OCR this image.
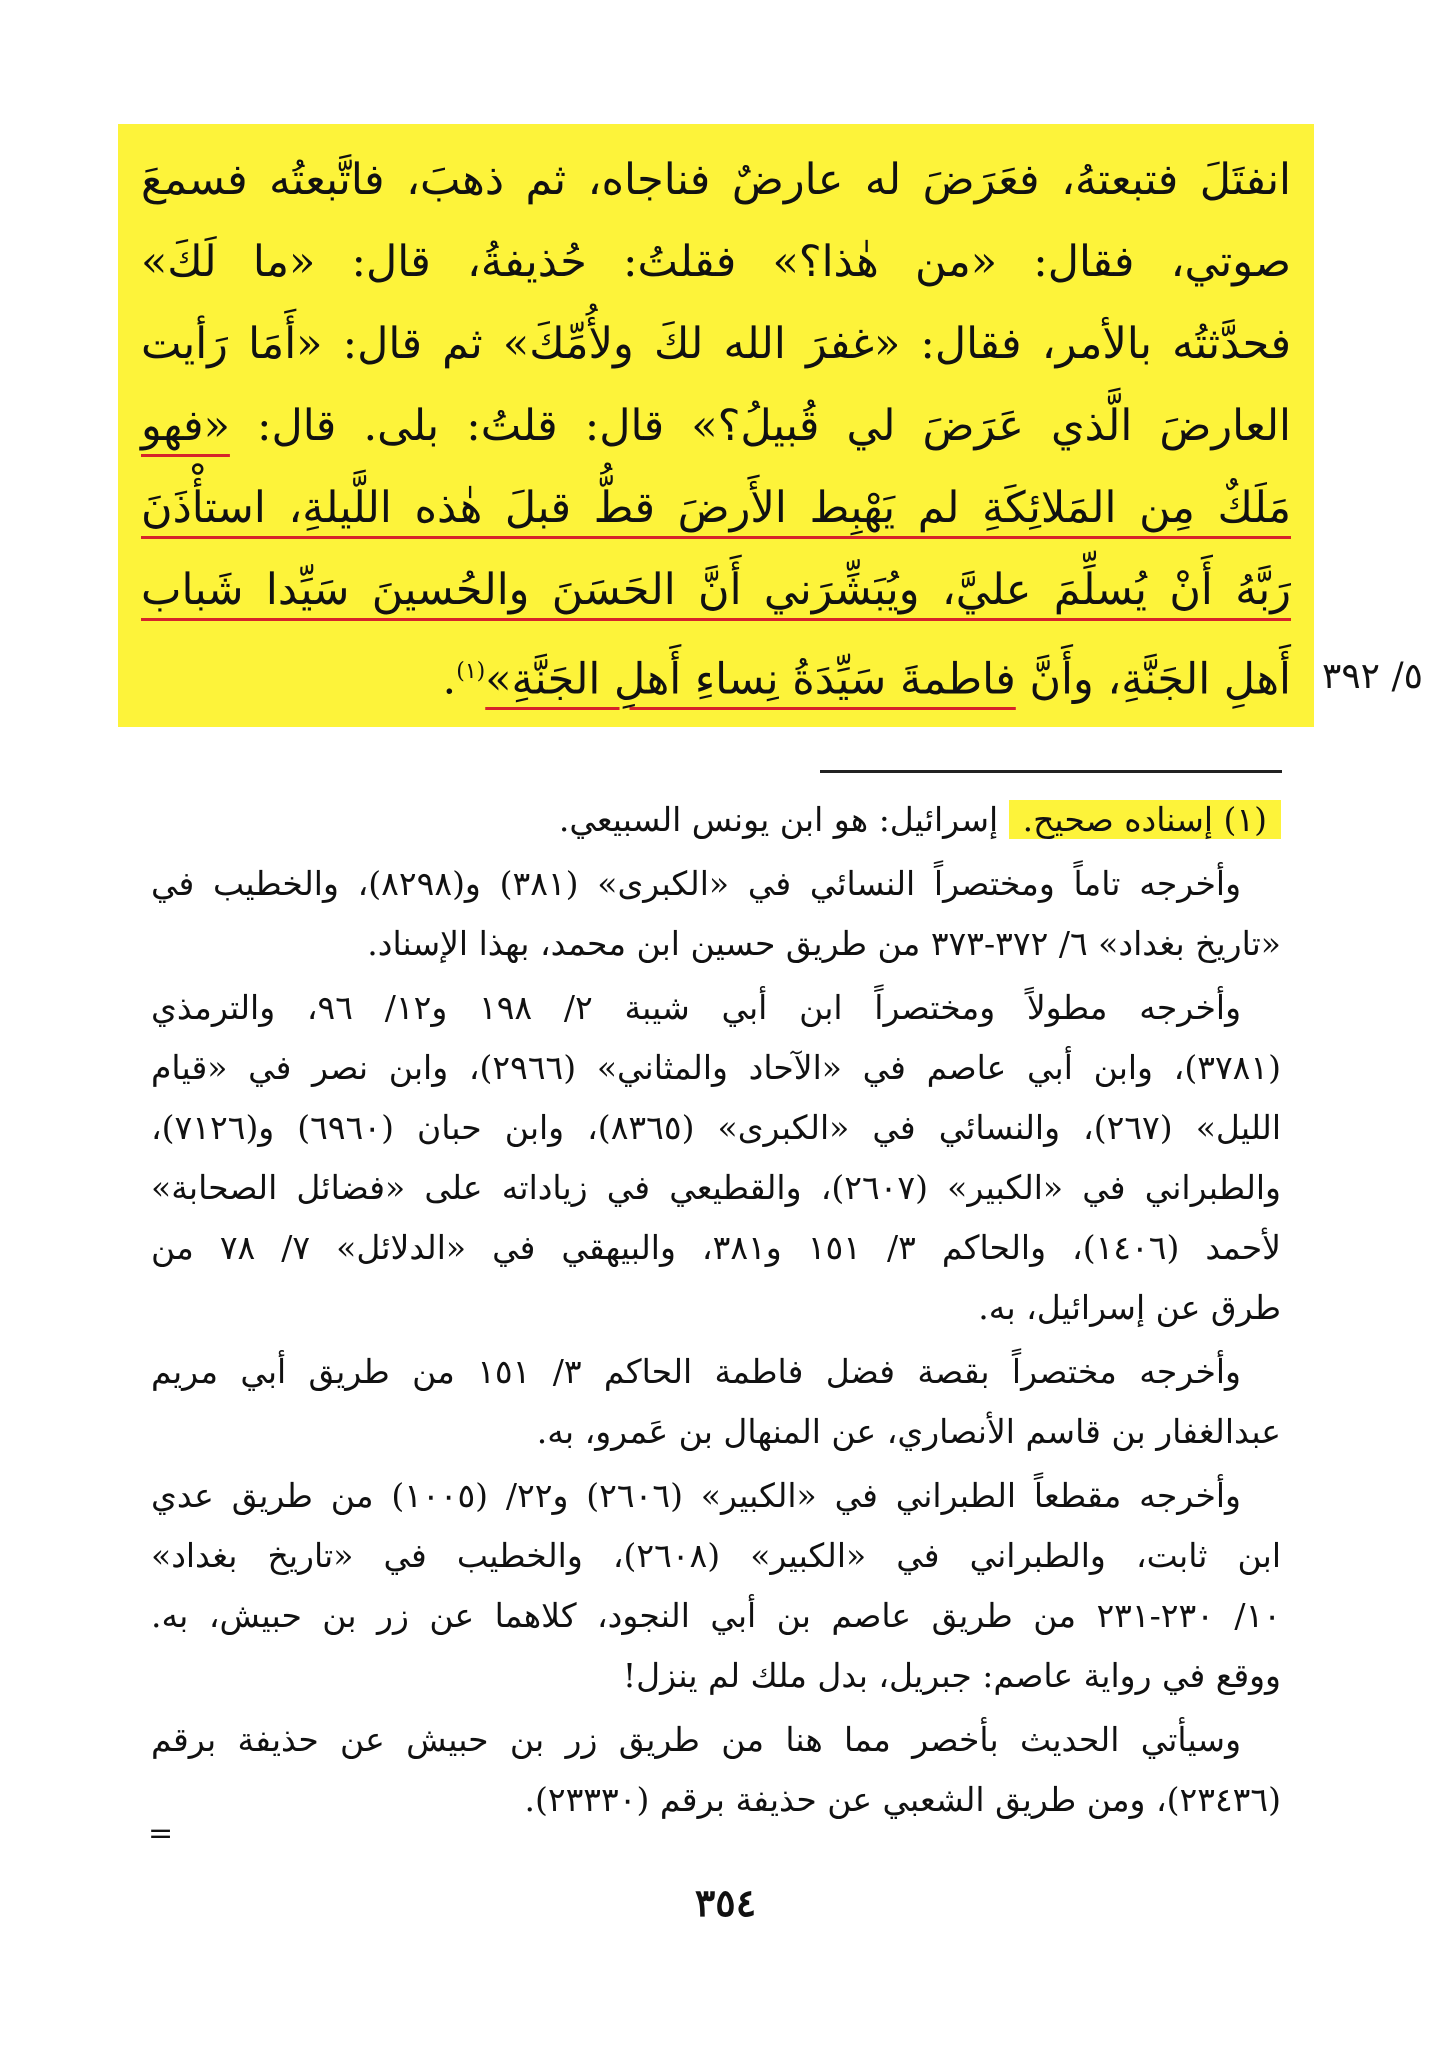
انفتَلَ فتبعتهُ، فعَرَضَ له عارضٌ فناجاه، ثم ذهبَ، فاتَّبعتُه فسمعَ
صوتي، فقال: «من هٰذا؟» فقلتُ: حُذيفةُ، قال: «ما لَكَ»
فحدَّثتُه بالأمر، فقال: «غفرَ الله لكَ ولأُمِّكَ» ثم قال: «أَمَا رَأيت
العارضَ الَّذي عَرَضَ لي قُبيلُ؟» قال: قلتُ: بلى. قال: «فهو
مَلَكٌ مِن المَلائِكَةِ لم يَهْبِط الأَرضَ قطُّ قبلَ هٰذه اللَّيلةِ، استأْذَنَ
رَبَّهُ أَنْ يُسلِّمَ عليَّ، ويُبَشِّرَني أَنَّ الحَسَنَ والحُسينَ سَيِّدا شَباب
أَهلِ الجَنَّةِ، وأَنَّ فاطمةَ سَيِّدَةُ نِساءِ أَهلِ الجَنَّةِ»$^{(١)}$.	٥/ ٣٩٢
(١) إسناده صحيح. إسرائيل: هو ابن يونس السبيعي.
وأخرجه تاماً ومختصراً النسائي في «الكبرى» (٣٨١) و(٨٢٩٨)، والخطيب في
«تاريخ بغداد» ٦/ ٣٧٢-٣٧٣ من طريق حسين ابن محمد، بهذا الإسناد.
وأخرجه مطولاً ومختصراً ابن أبي شيبة ٢/ ١٩٨ و١٢/ ٩٦، والترمذي
(٣٧٨١)، وابن أبي عاصم في «الآحاد والمثاني» (٢٩٦٦)، وابن نصر في «قيام
الليل» (٢٦٧)، والنسائي في «الكبرى» (٨٣٦٥)، وابن حبان (٦٩٦٠) و(٧١٢٦)،
والطبراني في «الكبير» (٢٦٠٧)، والقطيعي في زياداته على «فضائل الصحابة»
لأحمد (١٤٠٦)، والحاكم ٣/ ١٥١ و٣٨١، والبيهقي في «الدلائل» ٧/ ٧٨ من
طرق عن إسرائيل، به.
وأخرجه مختصراً بقصة فضل فاطمة الحاكم ٣/ ١٥١ من طريق أبي مريم
عبدالغفار بن قاسم الأنصاري، عن المنهال بن عَمرو، به.
وأخرجه مقطعاً الطبراني في «الكبير» (٢٦٠٦) و٢٢/ (١٠٠٥) من طريق عدي
ابن ثابت، والطبراني في «الكبير» (٢٦٠٨)، والخطيب في «تاريخ بغداد»
١٠/ ٢٣٠-٢٣١ من طريق عاصم بن أبي النجود، كلاهما عن زر بن حبيش، به.
ووقع في رواية عاصم: جبريل، بدل ملك لم ينزل!
وسيأتي الحديث بأخصر مما هنا من طريق زر بن حبيش عن حذيفة برقم
(٢٣٤٣٦)، ومن طريق الشعبي عن حذيفة برقم (٢٣٣٣٠).
=
٣٥٤
